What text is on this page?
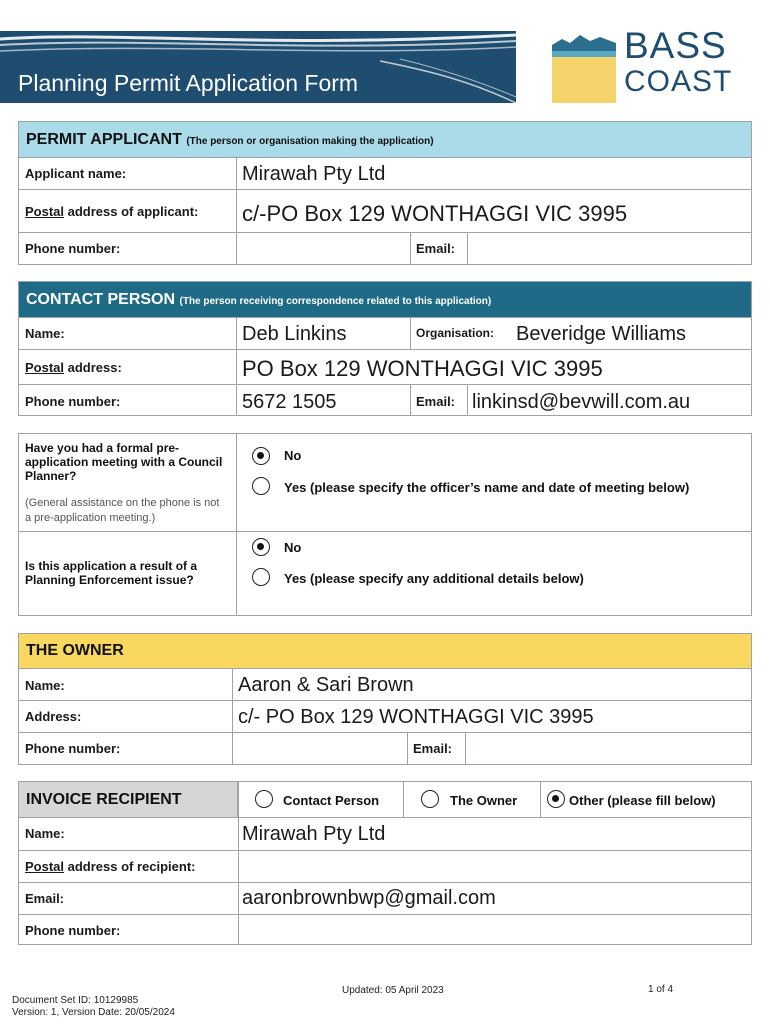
Planning Permit Application Form
BASS
COAST
PERMIT APPLICANT (The person or organisation making the application)
Applicant name:	Mirawah Pty Ltd
Postal address of applicant: c/-PO Box 129 WONTHAGGI VIC 3995
Phone number:	Email:
CONTACT PERSON (The person receiving correspondence related to this application)
Name:	Deb Linkins	Organisation: Beveridge Williams
Postal address:	PO Box 129 WONTHAGGI VIC 3995
Phone number:	5672 1505	Email: linkinsd@bevwill.com.au
Have you had a formal pre-application meeting with a Council Planner?
(General assistance on the phone is not a pre-application meeting.)
No
Yes (please specify the officer’s name and date of meeting below)
Is this application a result of a Planning Enforcement issue?
No
Yes (please specify any additional details below)
THE OWNER
Name:	Aaron & Sari Brown
Address:	c/- PO Box 129 WONTHAGGI VIC 3995
Phone number:	Email:
INVOICE RECIPIENT	Contact Person	The Owner	Other (please fill below)
Name:	Mirawah Pty Ltd
Postal address of recipient:
Email:	aaronbrownbwp@gmail.com
Phone number:
Updated: 05 April 2023	1 of 4
Document Set ID: 10129985
Version: 1, Version Date: 20/05/2024
